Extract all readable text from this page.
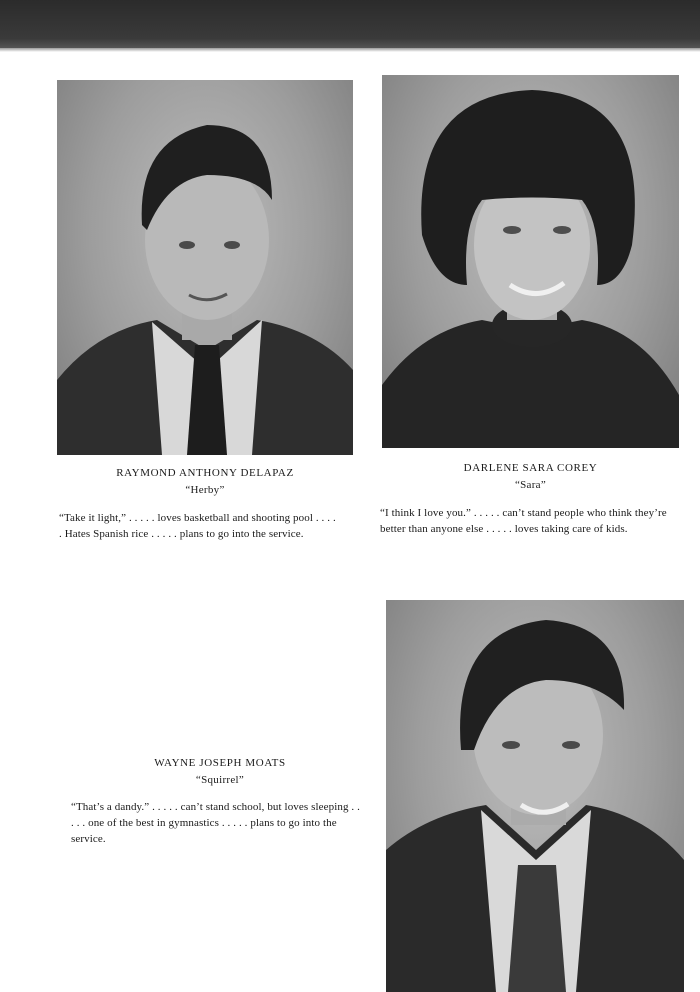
RAYMOND ANTHONY DELAPAZ
“Herby”
“Take it light,” . . . . . loves basketball and shooting pool . . . . . Hates Spanish rice . . . . . plans to go into the service.
DARLENE SARA COREY
“Sara”
“I think I love you.” . . . . . can’t stand people who think they’re better than anyone else . . . . . loves taking care of kids.
WAYNE JOSEPH MOATS
“Squirrel”
“That’s a dandy.” . . . . . can’t stand school, but loves sleeping . . . . . one of the best in gymnastics . . . . . plans to go into the service.
